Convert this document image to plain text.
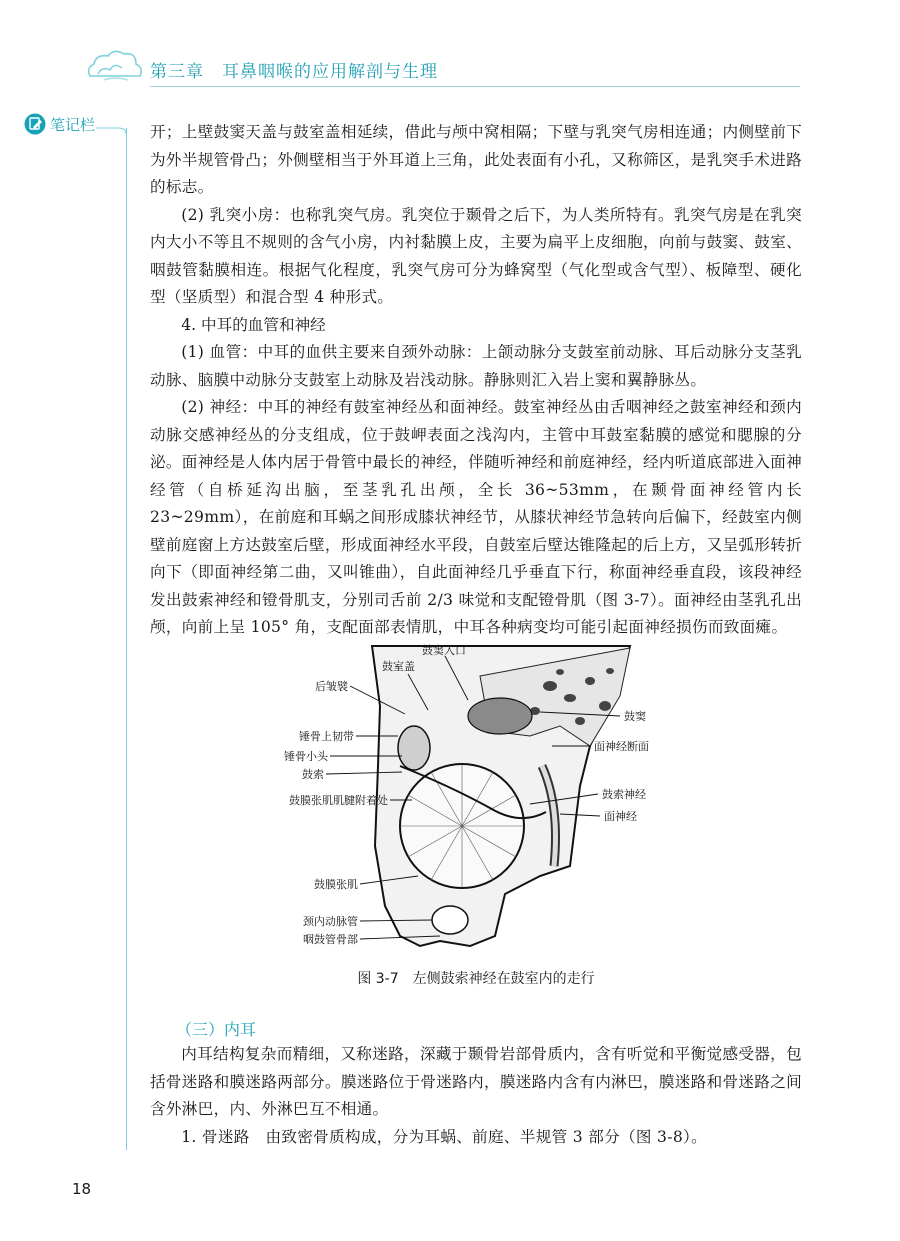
第三章　耳鼻咽喉的应用解剖与生理
笔记栏	开；上壁鼓窦天盖与鼓室盖相延续，借此与颅中窝相隔；下壁与乳突气房相连通；内侧壁前下为外半规管骨凸；外侧壁相当于外耳道上三角，此处表面有小孔，又称筛区，是乳突手术进路的标志。

(2) 乳突小房：也称乳突气房。乳突位于颞骨之后下，为人类所特有。乳突气房是在乳突内大小不等且不规则的含气小房，内衬黏膜上皮，主要为扁平上皮细胞，向前与鼓窦、鼓室、咽鼓管黏膜相连。根据气化程度，乳突气房可分为蜂窝型（气化型或含气型）、板障型、硬化型（坚质型）和混合型 4 种形式。

4. 中耳的血管和神经

(1) 血管：中耳的血供主要来自颈外动脉：上颌动脉分支鼓室前动脉、耳后动脉分支茎乳动脉、脑膜中动脉分支鼓室上动脉及岩浅动脉。静脉则汇入岩上窦和翼静脉丛。

(2) 神经：中耳的神经有鼓室神经丛和面神经。鼓室神经丛由舌咽神经之鼓室神经和颈内动脉交感神经丛的分支组成，位于鼓岬表面之浅沟内，主管中耳鼓室黏膜的感觉和腮腺的分泌。面神经是人体内居于骨管中最长的神经，伴随听神经和前庭神经，经内听道底部进入面神经管（自桥延沟出脑，至茎乳孔出颅，全长 36~53mm，在颞骨面神经管内长 23~29mm），在前庭和耳蜗之间形成膝状神经节，从膝状神经节急转向后偏下，经鼓室内侧壁前庭窗上方达鼓室后壁，形成面神经水平段，自鼓室后壁达锥隆起的后上方，又呈弧形转折向下（即面神经第二曲，又叫锥曲），自此面神经几乎垂直下行，称面神经垂直段，该段神经发出鼓索神经和镫骨肌支，分别司舌前 2/3 味觉和支配镫骨肌（图 3-7）。面神经由茎乳孔出颅，向前上呈 105° 角，支配面部表情肌，中耳各种病变均可能引起面神经损伤而致面瘫。

后皱襞
锤骨上韧带
锤骨小头
鼓索
鼓膜张肌肌腱附着处
鼓膜张肌
颈内动脉管
咽鼓管骨部
鼓窦入口
鼓室盖
鼓窦
面神经断面
鼓索神经
面神经
图 3-7　左侧鼓索神经在鼓室内的走行
（三）内耳

内耳结构复杂而精细，又称迷路，深藏于颞骨岩部骨质内，含有听觉和平衡觉感受器，包括骨迷路和膜迷路两部分。膜迷路位于骨迷路内，膜迷路内含有内淋巴，膜迷路和骨迷路之间含外淋巴，内、外淋巴互不相通。

1. 骨迷路　由致密骨质构成，分为耳蜗、前庭、半规管 3 部分（图 3-8）。

18
